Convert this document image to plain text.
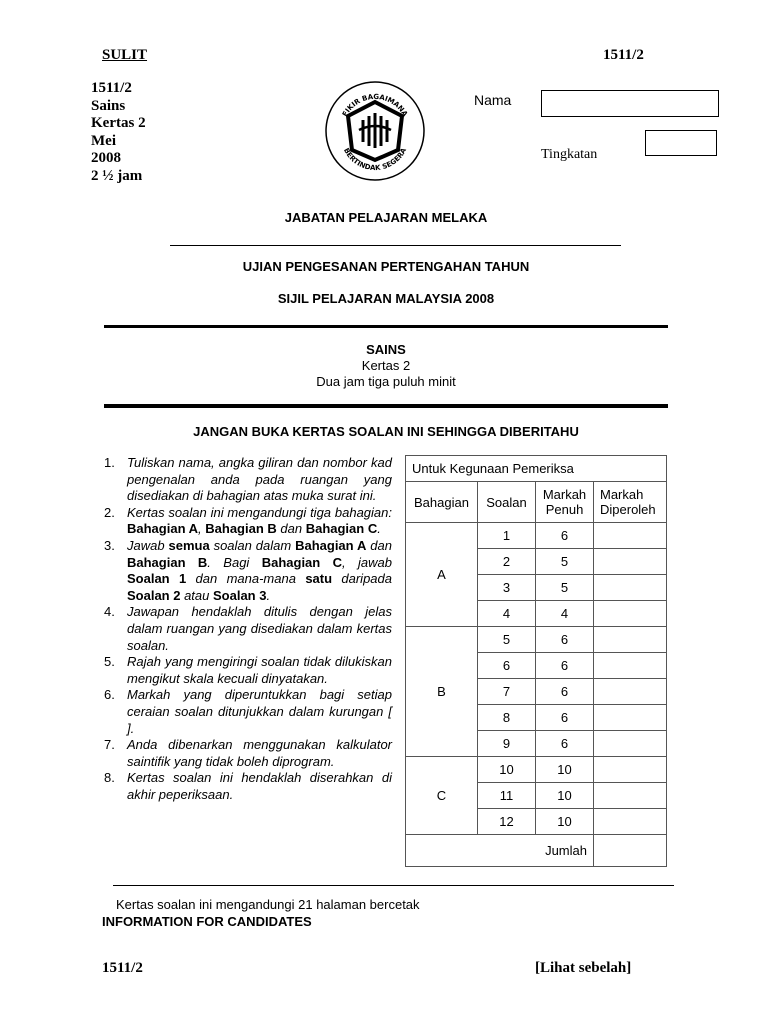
SULIT	1511/2
1511/2
Sains
Kertas 2
Mei
2008
2 ½ jam
FIKIR BAGAIMANA
BERTINDAK SEGERA
Nama
Tingkatan
JABATAN PELAJARAN MELAKA
UJIAN PENGESANAN PERTENGAHAN TAHUN
SIJIL PELAJARAN MALAYSIA 2008
SAINS
Kertas 2
Dua jam tiga puluh minit
JANGAN BUKA KERTAS SOALAN INI SEHINGGA DIBERITAHU
1. Tuliskan nama, angka giliran dan nombor kad pengenalan anda pada ruangan yang disediakan di bahagian atas muka surat ini.
2. Kertas soalan ini mengandungi tiga bahagian: Bahagian A, Bahagian B dan Bahagian C.
3. Jawab semua soalan dalam Bahagian A dan Bahagian B. Bagi Bahagian C, jawab Soalan 1 dan mana-mana satu daripada Soalan 2 atau Soalan 3.
4. Jawapan hendaklah ditulis dengan jelas dalam ruangan yang disediakan dalam kertas soalan.
5. Rajah yang mengiringi soalan tidak dilukiskan mengikut skala kecuali dinyatakan.
6. Markah yang diperuntukkan bagi setiap ceraian soalan ditunjukkan dalam kurungan [ ].
7. Anda dibenarkan menggunakan kalkulator saintifik yang tidak boleh diprogram.
8. Kertas soalan ini hendaklah diserahkan di akhir peperiksaan.
Untuk Kegunaan Pemeriksa			
Bahagian	Soalan	Markah Penuh	Markah Diperoleh
A	1	6	
	2	5	
	3	5	
	4	4	
B	5	6	
	6	6	
	7	6	
	8	6	
	9	6	
C	10	10	
	11	10	
	12	10	
Jumlah			
Kertas soalan ini mengandungi 21 halaman bercetak
INFORMATION FOR CANDIDATES
1511/2	[Lihat sebelah]
